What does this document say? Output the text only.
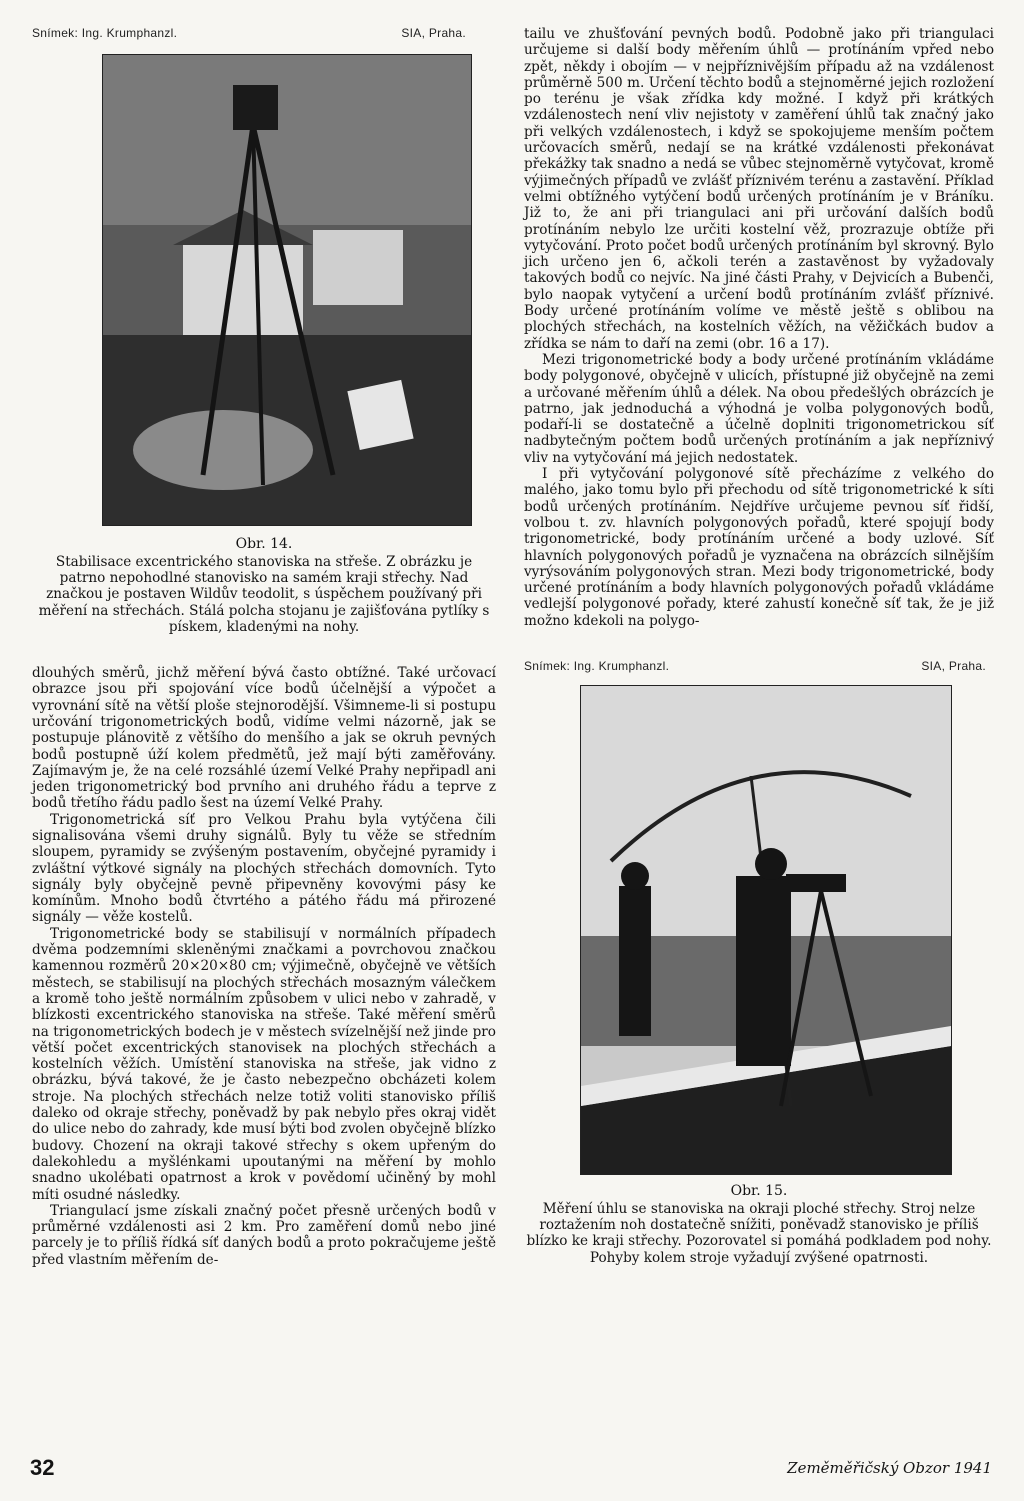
Snímek: Ing. Krumphanzl.	SIA, Praha.
Obr. 14.

Stabilisace excentrického stanoviska na střeše. Z obrázku je patrno nepohodlné stanovisko na samém kraji střechy. Nad značkou je postaven Wildův teodolit, s úspěchem používaný při měření na střechách. Stálá polcha stojanu je zajišťována pytlíky s pískem, kladenými na nohy.

dlouhých směrů, jichž měření bývá často obtížné. Také určovací obrazce jsou při spojování více bodů účelnější a výpočet a vyrovnání sítě na větší ploše stejnorodější. Všimneme-li si postupu určování trigonometrických bodů, vidíme velmi názorně, jak se postupuje plánovitě z většího do menšího a jak se okruh pevných bodů postupně úží kolem předmětů, jež mají býti zaměřovány. Zajímavým je, že na celé rozsáhlé území Velké Prahy nepřipadl ani jeden trigonometrický bod prvního ani druhého řádu a teprve z bodů třetího řádu padlo šest na území Velké Prahy.

Trigonometrická síť pro Velkou Prahu byla vytýčena čili signalisována všemi druhy signálů. Byly tu věže se středním sloupem, pyramidy se zvýšeným postavením, obyčejné pyramidy i zvláštní výtkové signály na plochých střechách domovních. Tyto signály byly obyčejně pevně připevněny kovovými pásy ke komínům. Mnoho bodů čtvrtého a pátého řádu má přirozené signály — věže kostelů.

Trigonometrické body se stabilisují v normálních případech dvěma podzemními skleněnými značkami a povrchovou značkou kamennou rozměrů 20×20×80 cm; výjimečně, obyčejně ve větších městech, se stabilisují na plochých střechách mosazným válečkem a kromě toho ještě normálním způsobem v ulici nebo v zahradě, v blízkosti excentrického stanoviska na střeše. Také měření směrů na trigonometrických bodech je v městech svízelnější než jinde pro větší počet excentrických stanovisek na plochých střechách a kostelních věžích. Umístění stanoviska na střeše, jak vidno z obrázku, bývá takové, že je často nebezpečno obcházeti kolem stroje. Na plochých střechách nelze totiž voliti stanovisko příliš daleko od okraje střechy, poněvadž by pak nebylo přes okraj vidět do ulice nebo do zahrady, kde musí býti bod zvolen obyčejně blízko budovy. Chození na okraji takové střechy s okem upřeným do dalekohledu a myšlénkami upoutanými na měření by mohlo snadno ukolébati opatrnost a krok v povědomí učiněný by mohl míti osudné následky.

Triangulací jsme získali značný počet přesně určených bodů v průměrné vzdálenosti asi 2 km. Pro zaměření domů nebo jiné parcely je to příliš řídká síť daných bodů a proto pokračujeme ještě před vlastním měřením de-

tailu ve zhušťování pevných bodů. Podobně jako při triangulaci určujeme si další body měřením úhlů — protínáním vpřed nebo zpět, někdy i obojím — v nejpříznivějším případu až na vzdálenost průměrně 500 m. Určení těchto bodů a stejnoměrné jejich rozložení po terénu je však zřídka kdy možné. I když při krátkých vzdálenostech není vliv nejistoty v zaměření úhlů tak značný jako při velkých vzdálenostech, i když se spokojujeme menším počtem určovacích směrů, nedají se na krátké vzdálenosti překonávat překážky tak snadno a nedá se vůbec stejnoměrně vytyčovat, kromě výjimečných případů ve zvlášť příznivém terénu a zastavění. Příklad velmi obtížného vytýčení bodů určených protínáním je v Bráníku. Již to, že ani při triangulaci ani při určování dalších bodů protínáním nebylo lze určiti kostelní věž, prozrazuje obtíže při vytyčování. Proto počet bodů určených protínáním byl skrovný. Bylo jich určeno jen 6, ačkoli terén a zastavěnost by vyžadovaly takových bodů co nejvíc. Na jiné části Prahy, v Dejvicích a Bubenči, bylo naopak vytyčení a určení bodů protínáním zvlášť příznivé. Body určené protínáním volíme ve městě ještě s oblibou na plochých střechách, na kostelních věžích, na věžičkách budov a zřídka se nám to daří na zemi (obr. 16 a 17).

Mezi trigonometrické body a body určené protínáním vkládáme body polygonové, obyčejně v ulicích, přístupné již obyčejně na zemi a určované měřením úhlů a délek. Na obou předešlých obrázcích je patrno, jak jednoduchá a výhodná je volba polygonových bodů, podaří-li se dostatečně a účelně doplniti trigonometrickou síť nadbytečným počtem bodů určených protínáním a jak nepříznivý vliv na vytyčování má jejich nedostatek.

I při vytyčování polygonové sítě přecházíme z velkého do malého, jako tomu bylo při přechodu od sítě trigonometrické k síti bodů určených protínáním. Nejdříve určujeme pevnou síť řidší, volbou t. zv. hlavních polygonových pořadů, které spojují body trigonometrické, body protínáním určené a body uzlové. Síť hlavních polygonových pořadů je vyznačena na obrázcích silnějším vyrýsováním polygonových stran. Mezi body trigonometrické, body určené protínáním a body hlavních polygonových pořadů vkládáme vedlejší polygonové pořady, které zahustí konečně síť tak, že je již možno kdekoli na polygo-

Snímek: Ing. Krumphanzl.	SIA, Praha.
Obr. 15.

Měření úhlu se stanoviska na okraji ploché střechy. Stroj nelze roztažením noh dostatečně snížiti, poněvadž stanovisko je příliš blízko ke kraji střechy. Pozorovatel si pomáhá podkladem pod nohy. Pohyby kolem stroje vyžadují zvýšené opatrnosti.

32	Zeměměřičský Obzor 1941
